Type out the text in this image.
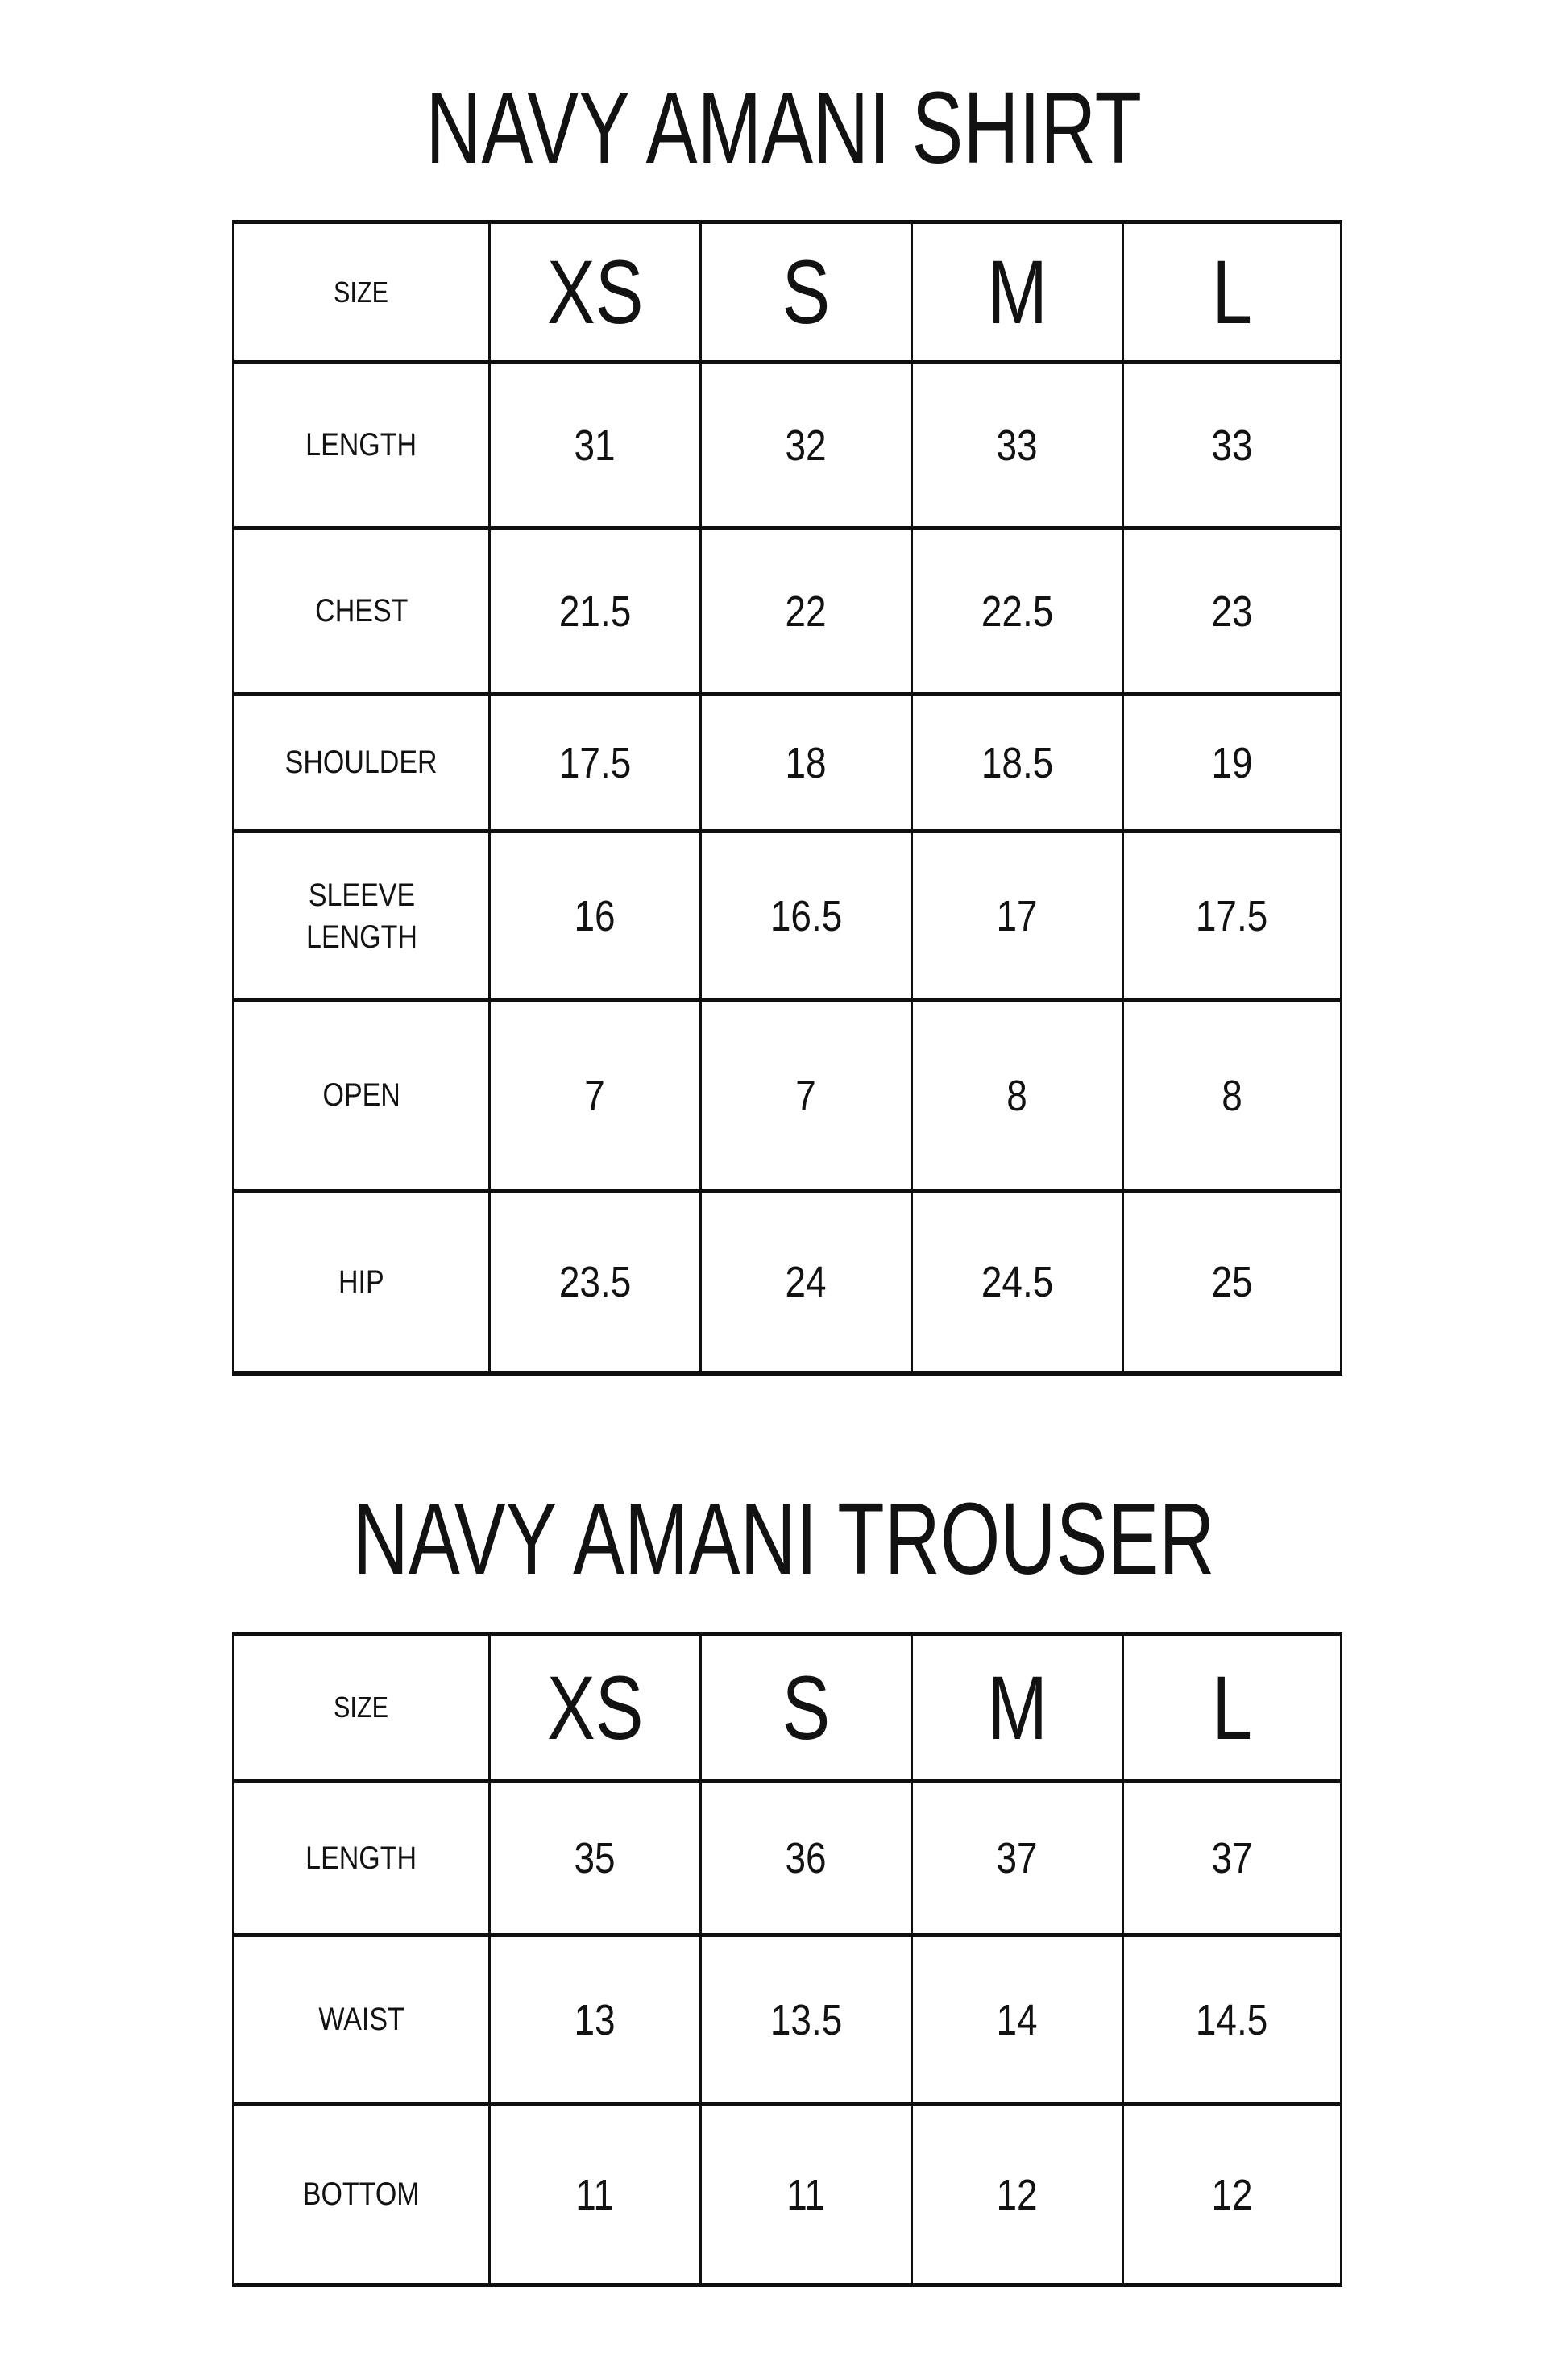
NAVY AMANI SHIRT
SIZE	XS	S	M	L
LENGTH	31	32	33	33
CHEST	21.5	22	22.5	23
SHOULDER	17.5	18	18.5	19
SLEEVE LENGTH	16	16.5	17	17.5
OPEN	7	7	8	8
HIP	23.5	24	24.5	25
NAVY AMANI TROUSER
SIZE	XS	S	M	L
LENGTH	35	36	37	37
WAIST	13	13.5	14	14.5
BOTTOM	11	11	12	12
